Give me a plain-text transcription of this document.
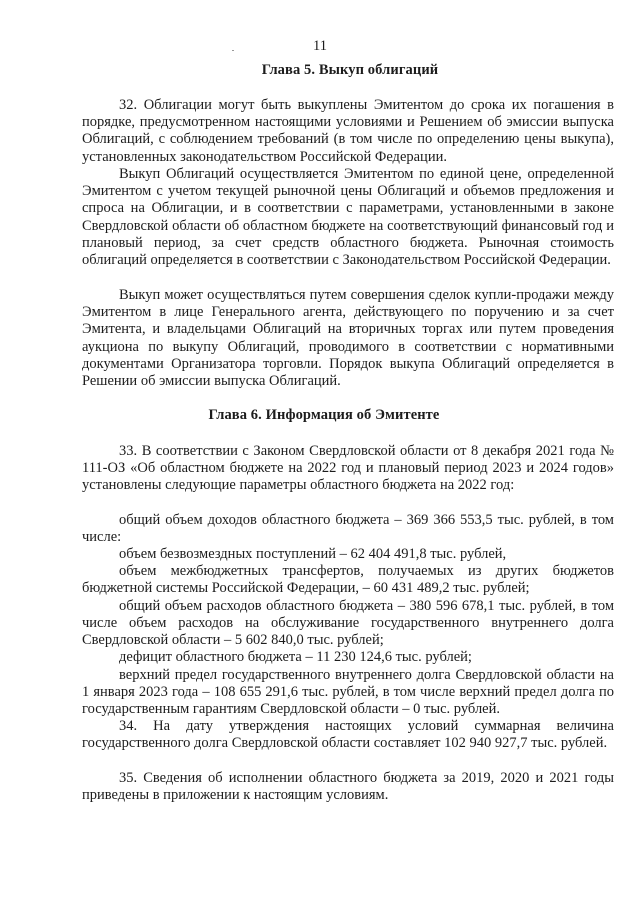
11
Глава 5. Выкуп облигаций

32. Облигации могут быть выкуплены Эмитентом до срока их погашения в порядке, предусмотренном настоящими условиями и Решением об эмиссии выпуска Облигаций, с соблюдением требований (в том числе по определению цены выкупа), установленных законодательством Российской Федерации.

Выкуп Облигаций осуществляется Эмитентом по единой цене, определенной Эмитентом с учетом текущей рыночной цены Облигаций и объемов предложения и спроса на Облигации, и в соответствии с параметрами, установленными в законе Свердловской области об областном бюджете на соответствующий финансовый год и плановый период, за счет средств областного бюджета. Рыночная стоимость облигаций определяется в соответствии с Законодательством Российской Федерации.

Выкуп может осуществляться путем совершения сделок купли-продажи между Эмитентом в лице Генерального агента, действующего по поручению и за счет Эмитента, и владельцами Облигаций на вторичных торгах или путем проведения аукциона по выкупу Облигаций, проводимого в соответствии с нормативными документами Организатора торговли. Порядок выкупа Облигаций определяется в Решении об эмиссии выпуска Облигаций.

Глава 6. Информация об Эмитенте

33. В соответствии с Законом Свердловской области от 8 декабря 2021 года № 111-ОЗ «Об областном бюджете на 2022 год и плановый период 2023 и 2024 годов» установлены следующие параметры областного бюджета на 2022 год:

общий объем доходов областного бюджета – 369 366 553,5 тыс. рублей, в том числе:

объем безвозмездных поступлений – 62 404 491,8 тыс. рублей,

объем межбюджетных трансфертов, получаемых из других бюджетов бюджетной системы Российской Федерации, – 60 431 489,2 тыс. рублей;

общий объем расходов областного бюджета – 380 596 678,1 тыс. рублей, в том числе объем расходов на обслуживание государственного внутреннего долга Свердловской области – 5 602 840,0 тыс. рублей;

дефицит областного бюджета – 11 230 124,6 тыс. рублей;

верхний предел государственного внутреннего долга Свердловской области на 1 января 2023 года – 108 655 291,6 тыс. рублей, в том числе верхний предел долга по государственным гарантиям Свердловской области – 0 тыс. рублей.

34. На дату утверждения настоящих условий суммарная величина государственного долга Свердловской области составляет 102 940 927,7 тыс. рублей.

35. Сведения об исполнении областного бюджета за 2019, 2020 и 2021 годы приведены в приложении к настоящим условиям.
